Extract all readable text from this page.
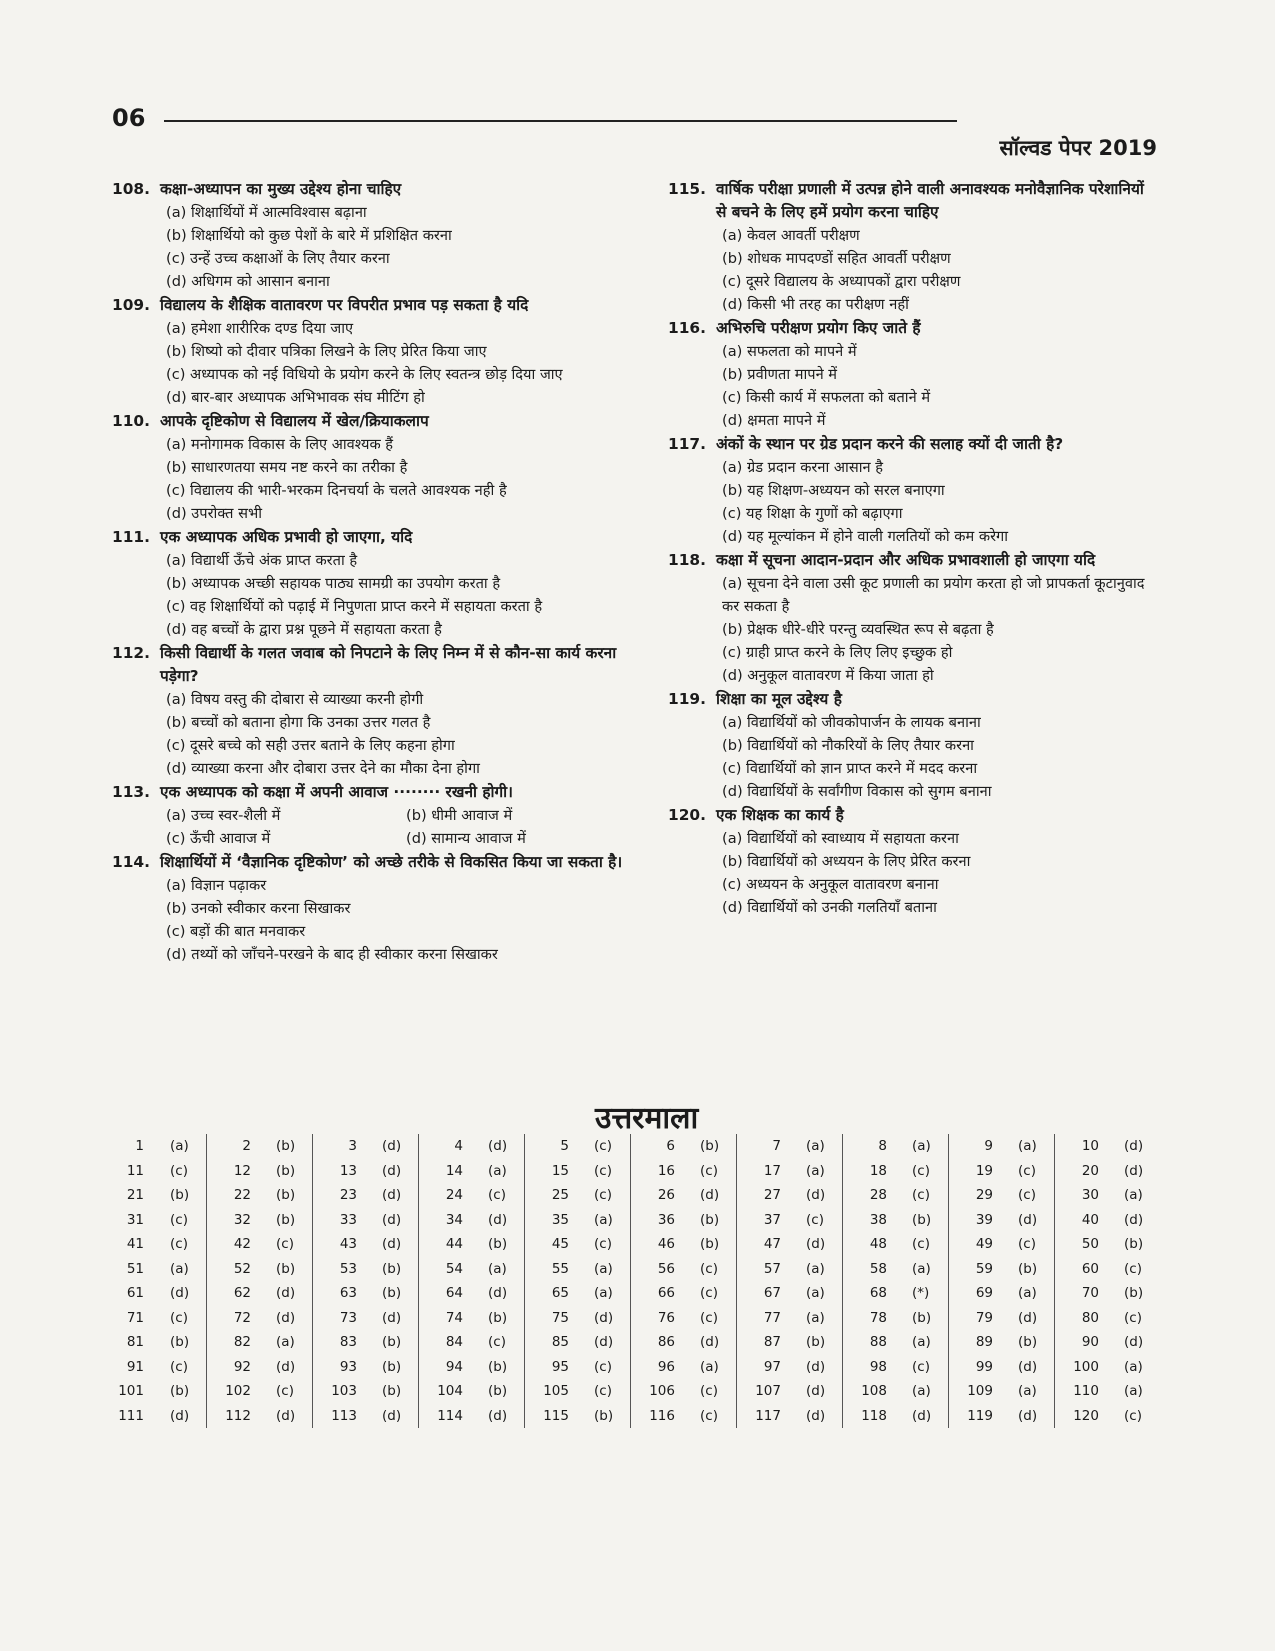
06
सॉल्वड पेपर 2019
108. कक्षा-अध्यापन का मुख्य उद्देश्य होना चाहिए
(a) शिक्षार्थियों में आत्मविश्वास बढ़ाना
(b) शिक्षार्थियो को कुछ पेशों के बारे में प्रशिक्षित करना
(c) उन्हें उच्च कक्षाओं के लिए तैयार करना
(d) अधिगम को आसान बनाना
109. विद्यालय के शैक्षिक वातावरण पर विपरीत प्रभाव पड़ सकता है यदि
(a) हमेशा शारीरिक दण्ड दिया जाए
(b) शिष्यो को दीवार पत्रिका लिखने के लिए प्रेरित किया जाए
(c) अध्यापक को नई विधियो के प्रयोग करने के लिए स्वतन्त्र छोड़ दिया जाए
(d) बार-बार अध्यापक अभिभावक संघ मीटिंग हो
110. आपके दृष्टिकोण से विद्यालय में खेल/क्रियाकलाप
(a) मनोगामक विकास के लिए आवश्यक हैं
(b) साधारणतया समय नष्ट करने का तरीका है
(c) विद्यालय की भारी-भरकम दिनचर्या के चलते आवश्यक नही है
(d) उपरोक्त सभी
111. एक अध्यापक अधिक प्रभावी हो जाएगा, यदि
(a) विद्यार्थी ऊँचे अंक प्राप्त करता है
(b) अध्यापक अच्छी सहायक पाठ्य सामग्री का उपयोग करता है
(c) वह शिक्षार्थियों को पढ़ाई में निपुणता प्राप्त करने में सहायता करता है
(d) वह बच्चों के द्वारा प्रश्न पूछने में सहायता करता है
112. किसी विद्यार्थी के गलत जवाब को निपटाने के लिए निम्न में से कौन-सा कार्य करना पड़ेगा?
(a) विषय वस्तु की दोबारा से व्याख्या करनी होगी
(b) बच्चों को बताना होगा कि उनका उत्तर गलत है
(c) दूसरे बच्चे को सही उत्तर बताने के लिए कहना होगा
(d) व्याख्या करना और दोबारा उत्तर देने का मौका देना होगा
113. एक अध्यापक को कक्षा में अपनी आवाज ········ रखनी होगी।
(a) उच्च स्वर-शैली में	(b) धीमी आवाज में
(c) ऊँची आवाज में	(d) सामान्य आवाज में
114. शिक्षार्थियों में ‘वैज्ञानिक दृष्टिकोण’ को अच्छे तरीके से विकसित किया जा सकता है।
(a) विज्ञान पढ़ाकर
(b) उनको स्वीकार करना सिखाकर
(c) बड़ों की बात मनवाकर
(d) तथ्यों को जाँचने-परखने के बाद ही स्वीकार करना सिखाकर
115. वार्षिक परीक्षा प्रणाली में उत्पन्न होने वाली अनावश्यक मनोवैज्ञानिक परेशानियों से बचने के लिए हमें प्रयोग करना चाहिए
(a) केवल आवर्ती परीक्षण
(b) शोधक मापदण्डों सहित आवर्ती परीक्षण
(c) दूसरे विद्यालय के अध्यापकों द्वारा परीक्षण
(d) किसी भी तरह का परीक्षण नहीं
116. अभिरुचि परीक्षण प्रयोग किए जाते हैं
(a) सफलता को मापने में
(b) प्रवीणता मापने में
(c) किसी कार्य में सफलता को बताने में
(d) क्षमता मापने में
117. अंकों के स्थान पर ग्रेड प्रदान करने की सलाह क्यों दी जाती है?
(a) ग्रेड प्रदान करना आसान है
(b) यह शिक्षण-अध्ययन को सरल बनाएगा
(c) यह शिक्षा के गुणों को बढ़ाएगा
(d) यह मूल्यांकन में होने वाली गलतियों को कम करेगा
118. कक्षा में सूचना आदान-प्रदान और अधिक प्रभावशाली हो जाएगा यदि
(a) सूचना देने वाला उसी कूट प्रणाली का प्रयोग करता हो जो प्रापकर्ता कूटानुवाद कर सकता है
(b) प्रेक्षक धीरे-धीरे परन्तु व्यवस्थित रूप से बढ़ता है
(c) ग्राही प्राप्त करने के लिए लिए इच्छुक हो
(d) अनुकूल वातावरण में किया जाता हो
119. शिक्षा का मूल उद्देश्य है
(a) विद्यार्थियों को जीवकोपार्जन के लायक बनाना
(b) विद्यार्थियों को नौकरियों के लिए तैयार करना
(c) विद्यार्थियों को ज्ञान प्राप्त करने में मदद करना
(d) विद्यार्थियों के सर्वांगीण विकास को सुगम बनाना
120. एक शिक्षक का कार्य है
(a) विद्यार्थियों को स्वाध्याय में सहायता करना
(b) विद्यार्थियों को अध्ययन के लिए प्रेरित करना
(c) अध्ययन के अनुकूल वातावरण बनाना
(d) विद्यार्थियों को उनकी गलतियाँ बताना
उत्तरमाला
1 (a)	2 (b)	3 (d)	4 (d)	5 (c)	6 (b)	7 (a)	8 (a)	9 (a)	10 (d)
11 (c)	12 (b)	13 (d)	14 (a)	15 (c)	16 (c)	17 (a)	18 (c)	19 (c)	20 (d)
21 (b)	22 (b)	23 (d)	24 (c)	25 (c)	26 (d)	27 (d)	28 (c)	29 (c)	30 (a)
31 (c)	32 (b)	33 (d)	34 (d)	35 (a)	36 (b)	37 (c)	38 (b)	39 (d)	40 (d)
41 (c)	42 (c)	43 (d)	44 (b)	45 (c)	46 (b)	47 (d)	48 (c)	49 (c)	50 (b)
51 (a)	52 (b)	53 (b)	54 (a)	55 (a)	56 (c)	57 (a)	58 (a)	59 (b)	60 (c)
61 (d)	62 (d)	63 (b)	64 (d)	65 (a)	66 (c)	67 (a)	68 (*)	69 (a)	70 (b)
71 (c)	72 (d)	73 (d)	74 (b)	75 (d)	76 (c)	77 (a)	78 (b)	79 (d)	80 (c)
81 (b)	82 (a)	83 (b)	84 (c)	85 (d)	86 (d)	87 (b)	88 (a)	89 (b)	90 (d)
91 (c)	92 (d)	93 (b)	94 (b)	95 (c)	96 (a)	97 (d)	98 (c)	99 (d)	100 (a)
101 (b)	102 (c)	103 (b)	104 (b)	105 (c)	106 (c)	107 (d)	108 (a)	109 (a)	110 (a)
111 (d)	112 (d)	113 (d)	114 (d)	115 (b)	116 (c)	117 (d)	118 (d)	119 (d)	120 (c)
